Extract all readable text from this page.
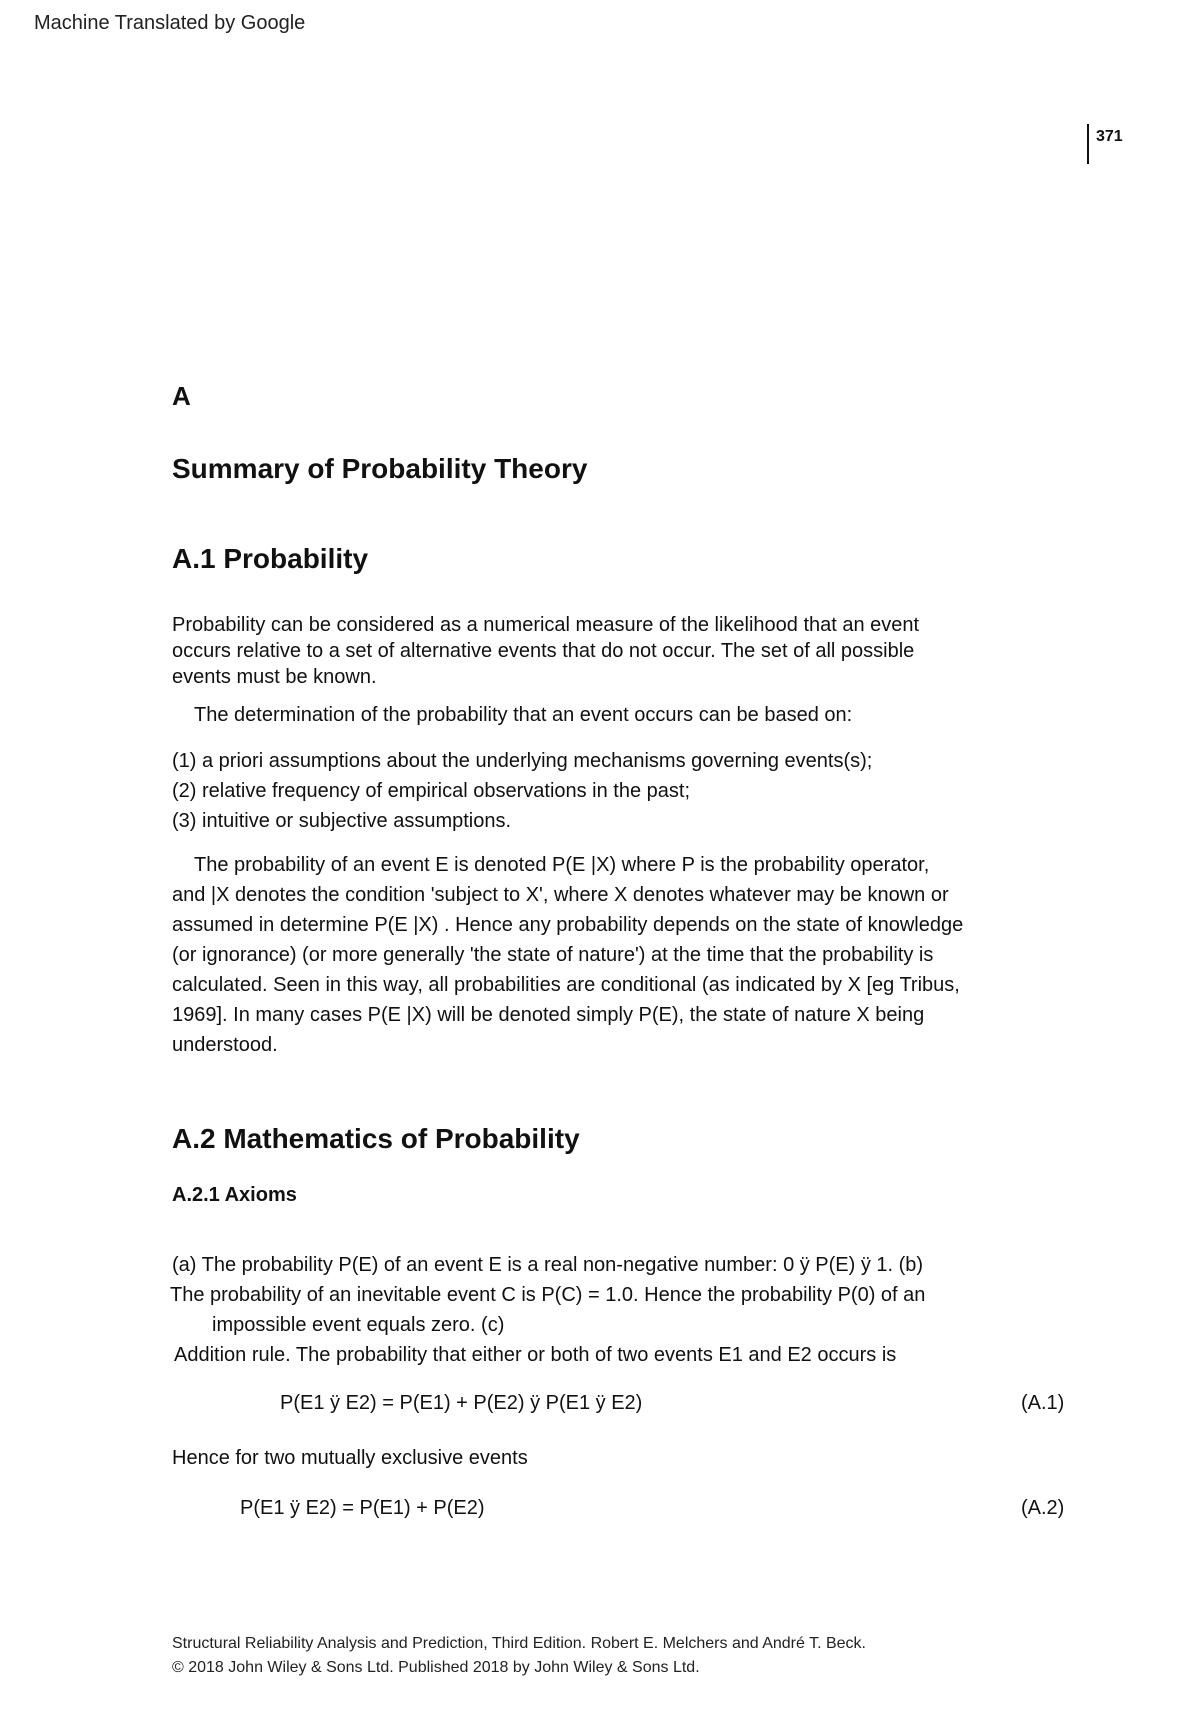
Machine Translated by Google
371
A
Summary of Probability Theory
A.1 Probability
Probability can be considered as a numerical measure of the likelihood that an event
occurs relative to a set of alternative events that do not occur. The set of all possible
events must be known.
The determination of the probability that an event occurs can be based on:
(1) a priori assumptions about the underlying mechanisms governing events(s);
(2) relative frequency of empirical observations in the past;
(3) intuitive or subjective assumptions.
The probability of an event E is denoted P(E |X) where P is the probability operator,
and |X denotes the condition 'subject to X', where X denotes whatever may be known or
assumed in determine P(E |X) . Hence any probability depends on the state of knowledge
(or ignorance) (or more generally 'the state of nature') at the time that the probability is
calculated. Seen in this way, all probabilities are conditional (as indicated by X [eg Tribus,
1969]. In many cases P(E |X) will be denoted simply P(E), the state of nature X being
understood.
A.2 Mathematics of Probability
A.2.1 Axioms
(a) The probability P(E) of an event E is a real non-negative number: 0 ÿ P(E) ÿ 1. (b)
The probability of an inevitable event C is P(C) = 1.0. Hence the probability P(0) of an
impossible event equals zero. (c)
Addition rule. The probability that either or both of two events E1 and E2 occurs is
P(E1 ÿ E2) = P(E1) + P(E2) ÿ P(E1 ÿ E2)	(A.1)
Hence for two mutually exclusive events
P(E1 ÿ E2) = P(E1) + P(E2)	(A.2)
Structural Reliability Analysis and Prediction, Third Edition. Robert E. Melchers and André T. Beck.
© 2018 John Wiley & Sons Ltd. Published 2018 by John Wiley & Sons Ltd.
